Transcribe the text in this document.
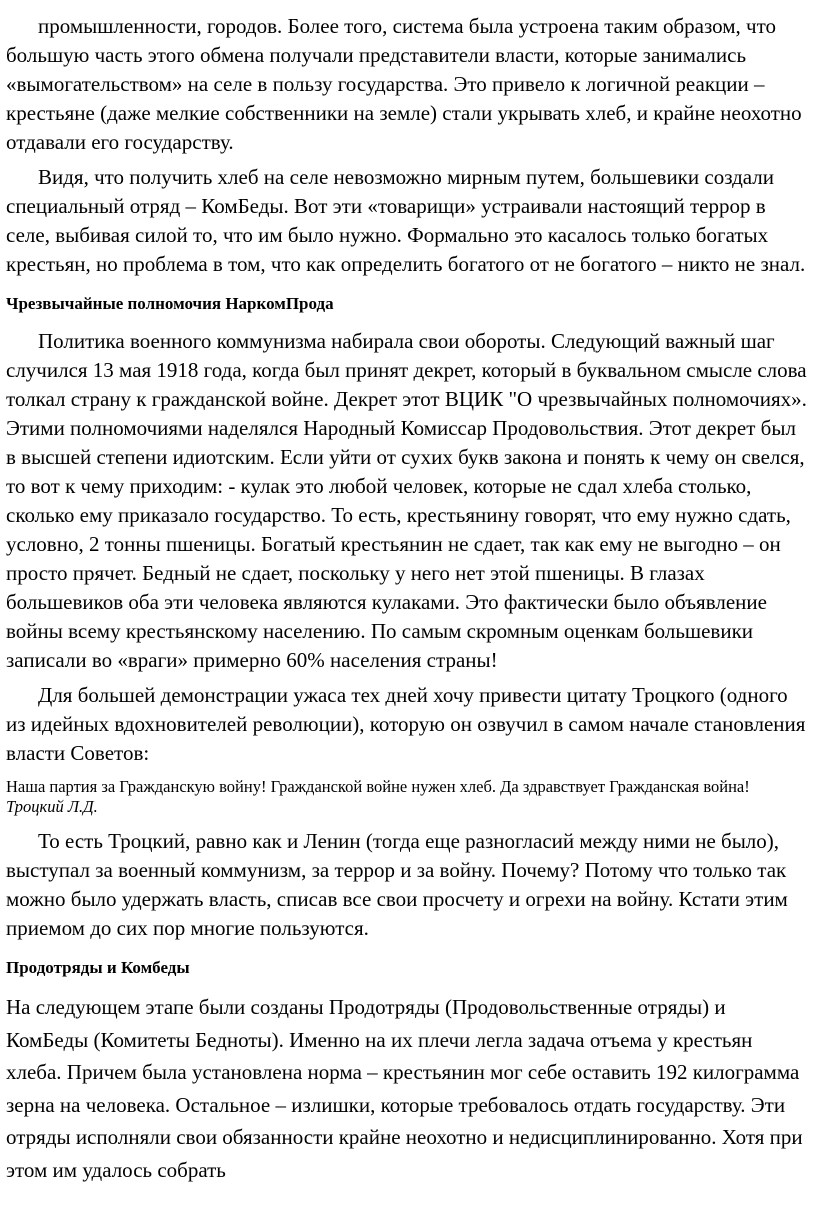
промышленности, городов. Более того, система была устроена таким образом, что большую часть этого обмена получали представители власти, которые занимались «вымогательством» на селе в пользу государства. Это привело к логичной реакции – крестьяне (даже мелкие собственники на земле) стали укрывать хлеб, и крайне неохотно отдавали его государству.

Видя, что получить хлеб на селе невозможно мирным путем, большевики создали специальный отряд – КомБеды. Вот эти «товарищи» устраивали настоящий террор в селе, выбивая силой то, что им было нужно. Формально это касалось только богатых крестьян, но проблема в том, что как определить богатого от не богатого – никто не знал.

Чрезвычайные полномочия НаркомПрода

Политика военного коммунизма набирала свои обороты. Следующий важный шаг случился 13 мая 1918 года, когда был принят декрет, который в буквальном смысле слова толкал страну к гражданской войне. Декрет этот ВЦИК "О чрезвычайных полномочиях». Этими полномочиями наделялся Народный Комиссар Продовольствия. Этот декрет был в высшей степени идиотским. Если уйти от сухих букв закона и понять к чему он свелся, то вот к чему приходим: - кулак это любой человек, которые не сдал хлеба столько, сколько ему приказало государство. То есть, крестьянину говорят, что ему нужно сдать, условно, 2 тонны пшеницы. Богатый крестьянин не сдает, так как ему не выгодно – он просто прячет. Бедный не сдает, поскольку у него нет этой пшеницы. В глазах большевиков оба эти человека являются кулаками. Это фактически было объявление войны всему крестьянскому населению. По самым скромным оценкам большевики записали во «враги» примерно 60% населения страны!

Для большей демонстрации ужаса тех дней хочу привести цитату Троцкого (одного из идейных вдохновителей революции), которую он озвучил в самом начале становления власти Советов:

Наша партия за Гражданскую войну! Гражданской войне нужен хлеб. Да здравствует Гражданская война!

Троцкий Л.Д.

То есть Троцкий, равно как и Ленин (тогда еще разногласий между ними не было), выступал за военный коммунизм, за террор и за войну. Почему? Потому что только так можно было удержать власть, списав все свои просчету и огрехи на войну. Кстати этим приемом до сих пор многие пользуются.

Продотряды и Комбеды

На следующем этапе были созданы Продотряды (Продовольственные отряды) и КомБеды (Комитеты Бедноты). Именно на их плечи легла задача отъема у крестьян хлеба. Причем была установлена норма – крестьянин мог себе оставить 192 килограмма зерна на человека. Остальное – излишки, которые требовалось отдать государству. Эти отряды исполняли свои обязанности крайне неохотно и недисциплинированно. Хотя при этом им удалось собрать
